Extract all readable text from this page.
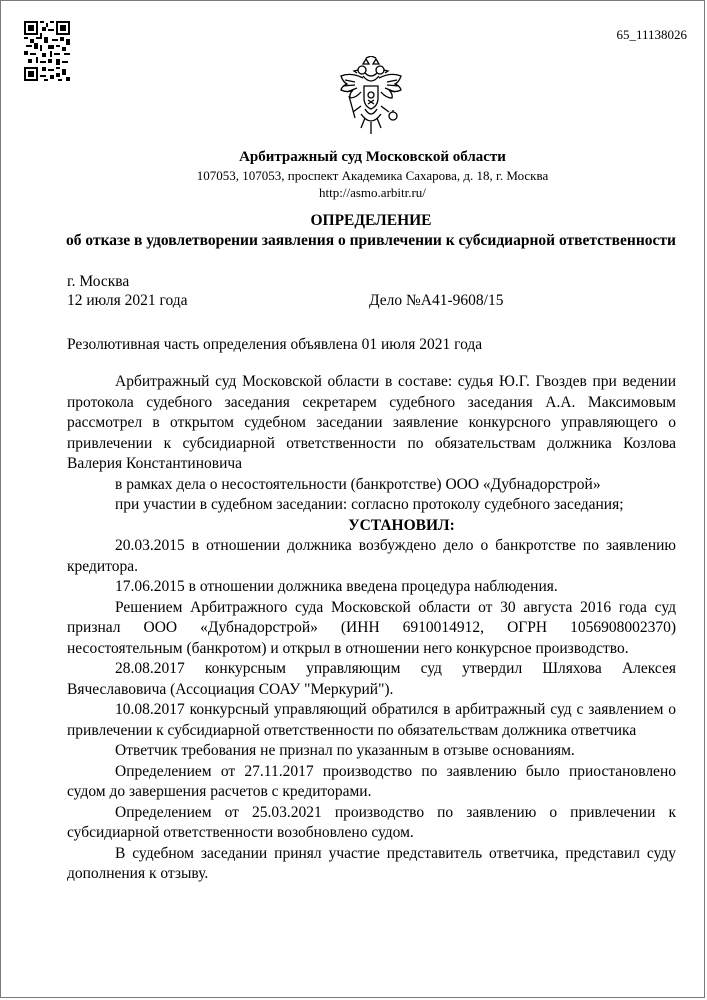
65_11138026
Арбитражный суд Московской области
107053, 107053, проспект Академика Сахарова, д. 18, г. Москва
http://asmo.arbitr.ru/
ОПРЕДЕЛЕНИЕ
об отказе в удовлетворении заявления о привлечении к субсидиарной ответственности
г. Москва
12 июля 2021 года	Дело №А41-9608/15
Резолютивная часть определения объявлена 01 июля 2021 года

Арбитражный суд Московской области в составе: судья Ю.Г. Гвоздев при ведении протокола судебного заседания секретарем судебного заседания А.А. Максимовым рассмотрел в открытом судебном заседании заявление конкурсного управляющего о привлечении к субсидиарной ответственности по обязательствам должника Козлова Валерия Константиновича

в рамках дела о несостоятельности (банкротстве) ООО «Дубнадорстрой»

при участии в судебном заседании: согласно протоколу судебного заседания;

УСТАНОВИЛ:

20.03.2015 в отношении должника возбуждено дело о банкротстве по заявлению кредитора.

17.06.2015 в отношении должника введена процедура наблюдения.

Решением Арбитражного суда Московской области от 30 августа 2016 года суд признал ООО «Дубнадорстрой» (ИНН 6910014912, ОГРН 1056908002370) несостоятельным (банкротом) и открыл в отношении него конкурсное производство.

28.08.2017 конкурсным управляющим суд утвердил Шляхова Алексея Вячеславовича (Ассоциация СОАУ "Меркурий").

10.08.2017 конкурсный управляющий обратился в арбитражный суд с заявлением о привлечении к субсидиарной ответственности по обязательствам должника ответчика

Ответчик требования не признал по указанным в отзыве основаниям.

Определением от 27.11.2017 производство по заявлению было приостановлено судом до завершения расчетов с кредиторами.

Определением от 25.03.2021 производство по заявлению о привлечении к субсидиарной ответственности возобновлено судом.

В судебном заседании принял участие представитель ответчика, представил суду дополнения к отзыву.
